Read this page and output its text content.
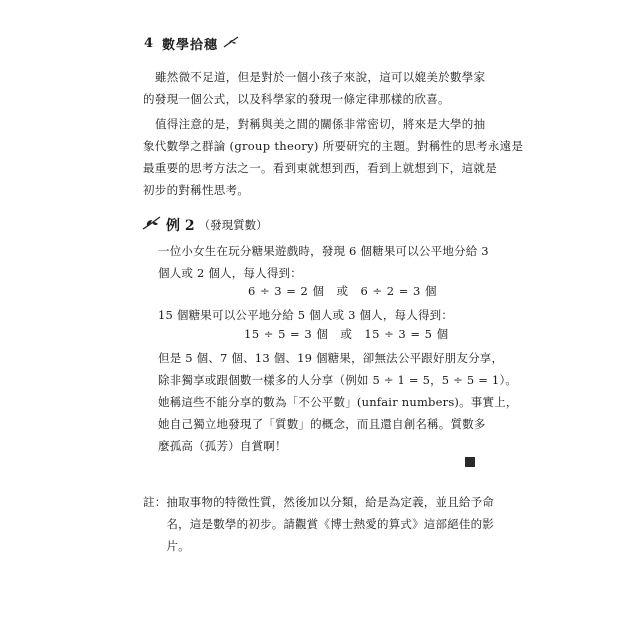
4 數學拾穗
雖然微不足道，但是對於一個小孩子來說，這可以媲美於數學家
的發現一個公式，以及科學家的發現一條定律那樣的欣喜。
值得注意的是，對稱與美之間的關係非常密切，將來是大學的抽
象代數學之群論 (group theory) 所要研究的主題。對稱性的思考永遠是
最重要的思考方法之一。看到東就想到西，看到上就想到下，這就是
初步的對稱性思考。
例 2 （發現質數）
一位小女生在玩分糖果遊戲時，發現 6 個糖果可以公平地分給 3
個人或 2 個人，每人得到：
6 ÷ 3 = 2 個　或　6 ÷ 2 = 3 個
15 個糖果可以公平地分給 5 個人或 3 個人，每人得到：
15 ÷ 5 = 3 個　或　15 ÷ 3 = 5 個
但是 5 個、7 個、13 個、19 個糖果，卻無法公平跟好朋友分享，
除非獨享或跟個數一樣多的人分享（例如 5 ÷ 1 = 5，5 ÷ 5 = 1）。
她稱這些不能分享的數為「不公平數」(unfair numbers)。事實上，
她自己獨立地發現了「質數」的概念，而且還自創名稱。質數多
麼孤高（孤芳）自賞啊！
註： 抽取事物的特徵性質，然後加以分類，給是為定義，並且給予命
名，這是數學的初步。請觀賞《博士熱愛的算式》這部絕佳的影
片。
